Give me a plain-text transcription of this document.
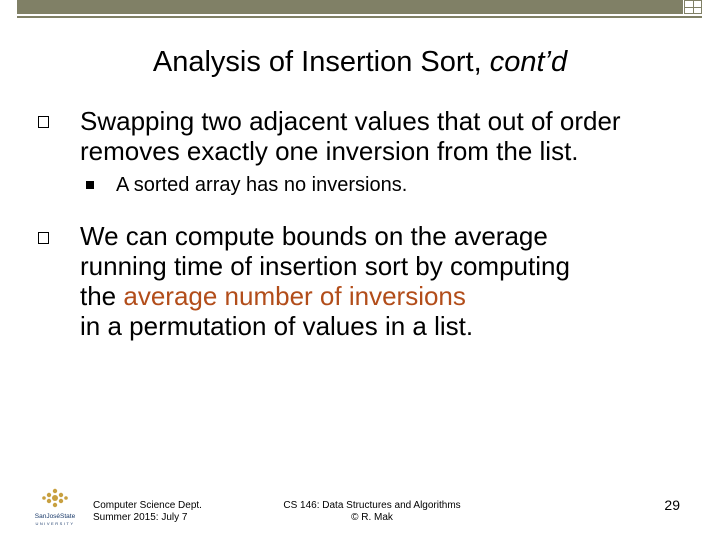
Analysis of Insertion Sort, cont’d
Swapping two adjacent values that out of order
removes exactly one inversion from the list.
A sorted array has no inversions.
We can compute bounds on the average
running time of insertion sort by computing
the average number of inversions
in a permutation of values in a list.
SanJoséState
UNIVERSITY
Computer Science Dept.
Summer 2015: July 7
CS 146: Data Structures and Algorithms
© R. Mak
29
